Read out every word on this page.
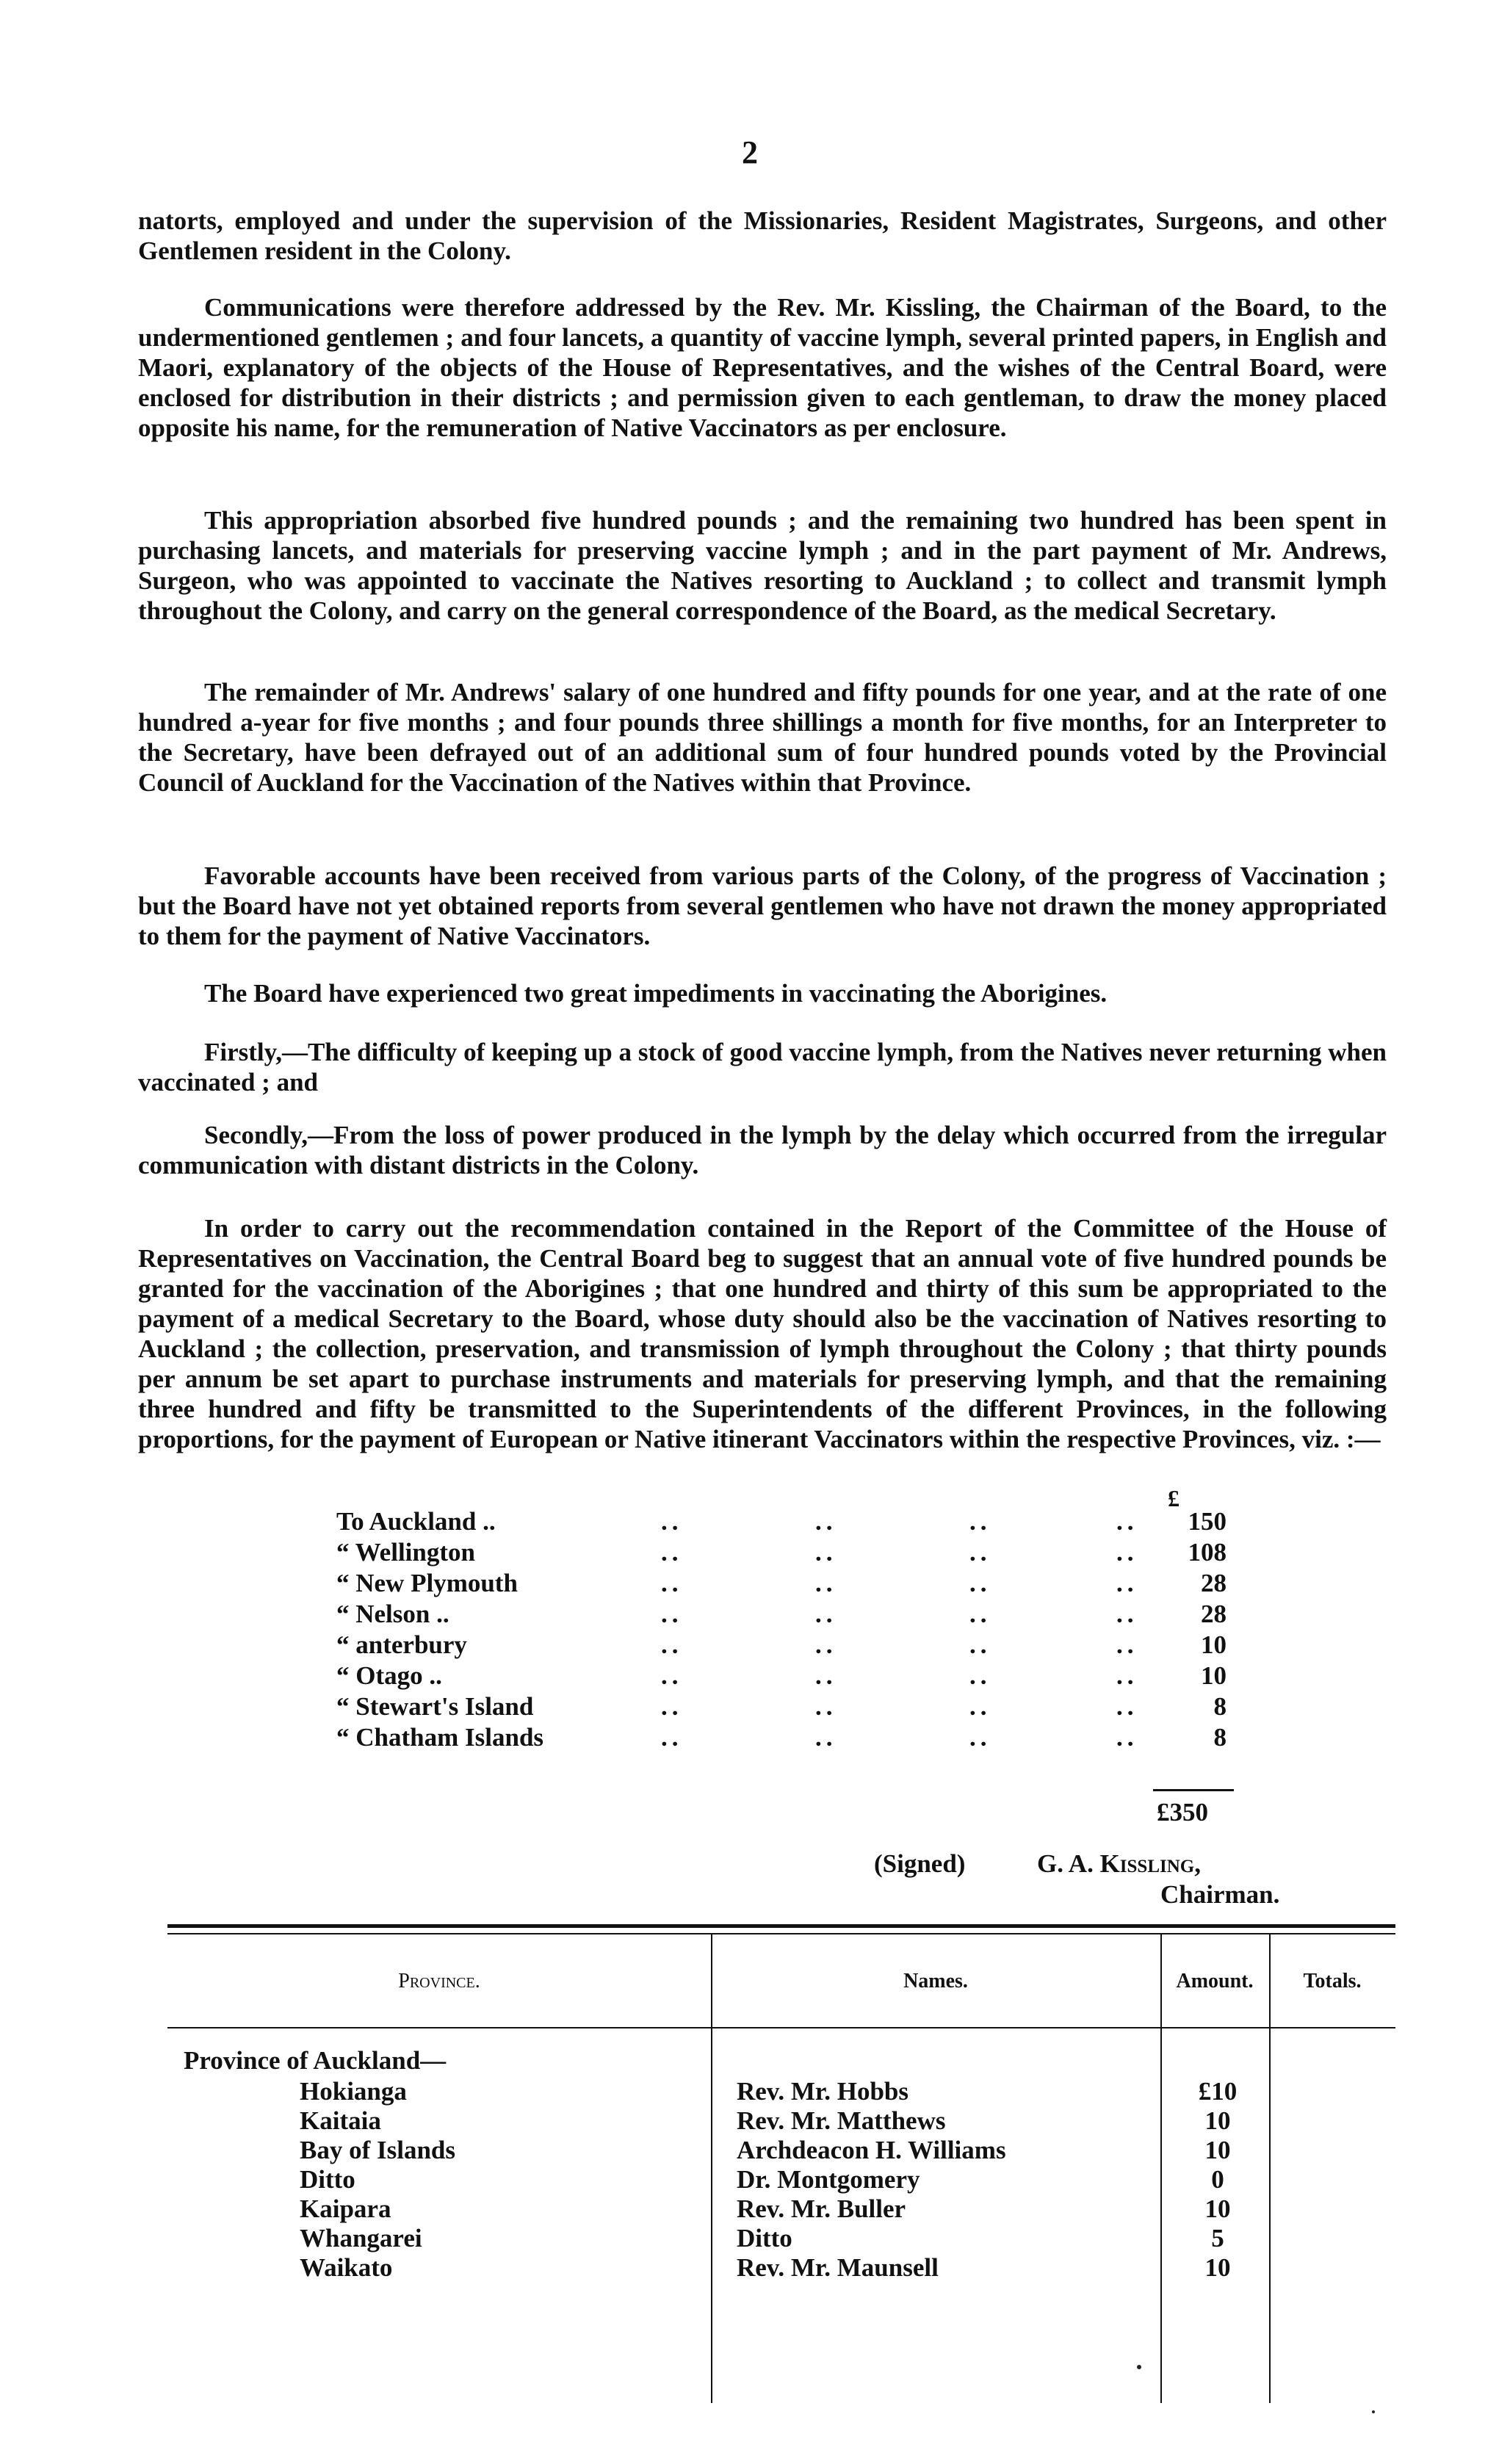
2
natorts, employed and under the supervision of the Missionaries, Resident Magistrates, Surgeons, and other Gentlemen resident in the Colony.
Communications were therefore addressed by the Rev. Mr. Kissling, the Chairman of the Board, to the undermentioned gentlemen ; and four lancets, a quantity of vaccine lymph, several printed papers, in English and Maori, explanatory of the objects of the House of Representatives, and the wishes of the Central Board, were enclosed for distribution in their districts ; and permission given to each gentleman, to draw the money placed opposite his name, for the remuneration of Native Vaccinators as per enclosure.
This appropriation absorbed five hundred pounds ; and the remaining two hundred has been spent in purchasing lancets, and materials for preserving vaccine lymph ; and in the part payment of Mr. Andrews, Surgeon, who was appointed to vaccinate the Natives resorting to Auckland ; to collect and transmit lymph throughout the Colony, and carry on the general correspondence of the Board, as the medical Secretary.
The remainder of Mr. Andrews' salary of one hundred and fifty pounds for one year, and at the rate of one hundred a-year for five months ; and four pounds three shillings a month for five months, for an Interpreter to the Secretary, have been defrayed out of an additional sum of four hundred pounds voted by the Provincial Council of Auckland for the Vaccination of the Natives within that Province.
Favorable accounts have been received from various parts of the Colony, of the progress of Vaccination ; but the Board have not yet obtained reports from several gentlemen who have not drawn the money appropriated to them for the payment of Native Vaccinators.
The Board have experienced two great impediments in vaccinating the Aborigines.
Firstly,—The difficulty of keeping up a stock of good vaccine lymph, from the Natives never returning when vaccinated ; and
Secondly,—From the loss of power produced in the lymph by the delay which occurred from the irregular communication with distant districts in the Colony.
In order to carry out the recommendation contained in the Report of the Committee of the House of Representatives on Vaccination, the Central Board beg to suggest that an annual vote of five hundred pounds be granted for the vaccination of the Aborigines ; that one hundred and thirty of this sum be appropriated to the payment of a medical Secretary to the Board, whose duty should also be the vaccination of Natives resorting to Auckland ; the collection, preservation, and transmission of lymph throughout the Colony ; that thirty pounds per annum be set apart to purchase instruments and materials for preserving lymph, and that the remaining three hundred and fifty be transmitted to the Superintendents of the different Provinces, in the following proportions, for the payment of European or Native itinerant Vaccinators within the respective Provinces, viz. :—
£
To Auckland ..	..	..	..	..	150
“ Wellington	..	..	..	..	108
“ New Plymouth	..	..	..	..	28
“ Nelson ..	..	..	..	..	28
“ anterbury	..	..	..	..	10
“ Otago ..	..	..	..	..	10
“ Stewart's Island	..	..	..	..	8
“ Chatham Islands	..	..	..	..	8
£350
(Signed)	G. A. Kissling,
Chairman.
Province.	Names.	Amount.	Totals.
Province of Auckland—
Hokianga	Rev. Mr. Hobbs	£10
Kaitaia	Rev. Mr. Matthews	10
Bay of Islands	Archdeacon H. Williams	10
Ditto	Dr. Montgomery	0
Kaipara	Rev. Mr. Buller	10
Whangarei	Ditto	5
Waikato	Rev. Mr. Maunsell	10
